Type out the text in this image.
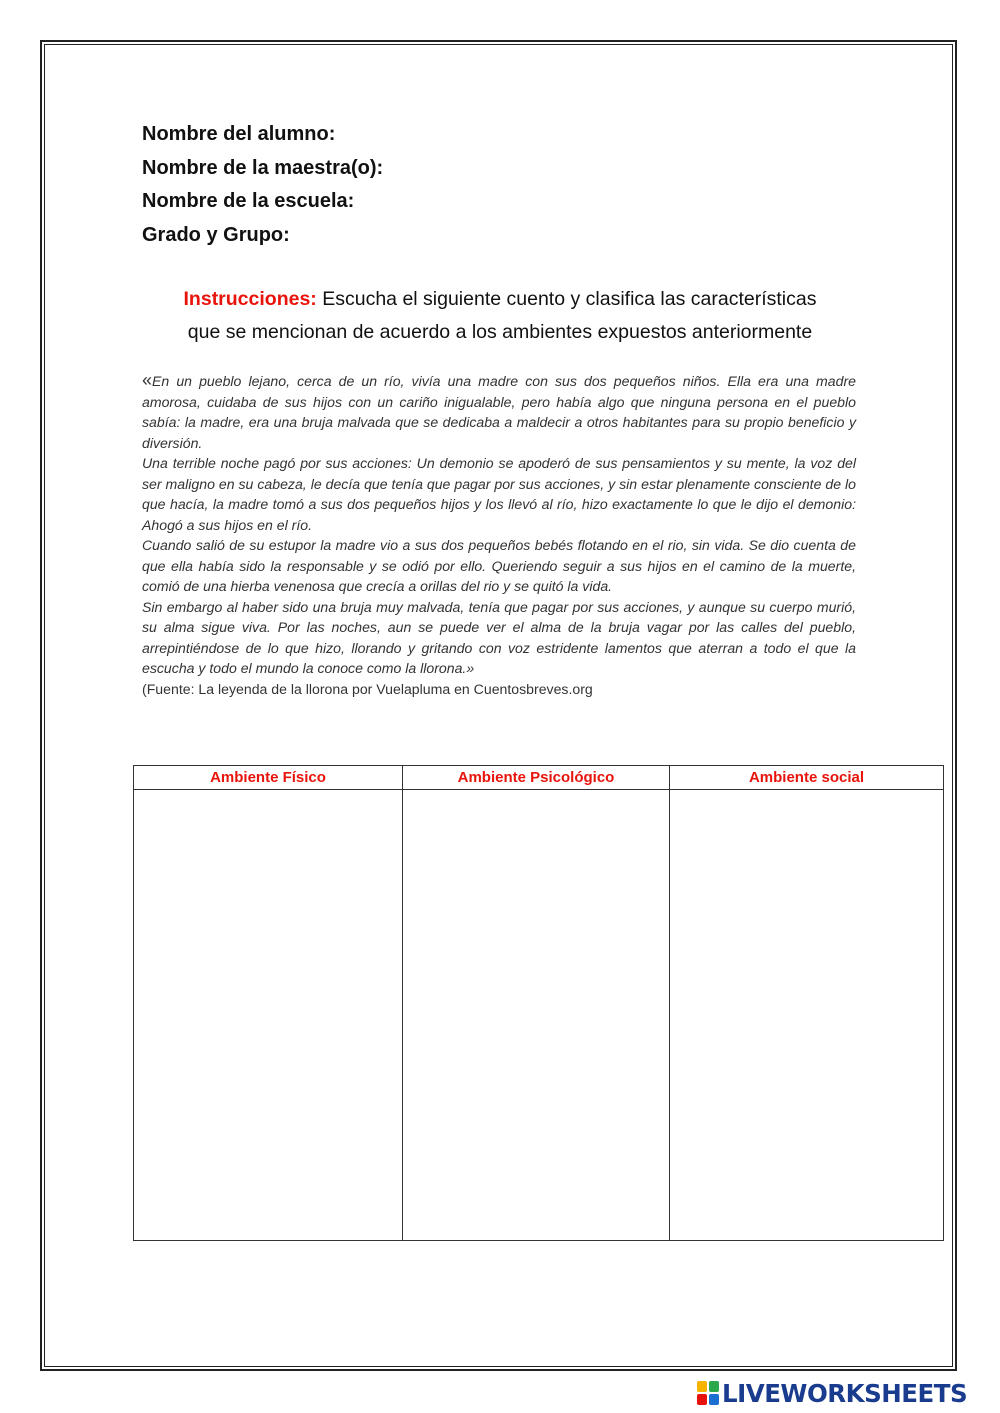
Nombre del alumno:
Nombre de la maestra(o):
Nombre de la escuela:
Grado y Grupo:
Instrucciones: Escucha el siguiente cuento y clasifica las características
que se mencionan de acuerdo a los ambientes expuestos anteriormente

«En un pueblo lejano, cerca de un río, vivía una madre con sus dos pequeños niños. Ella era una madre amorosa, cuidaba de sus hijos con un cariño inigualable, pero había algo que ninguna persona en el pueblo sabía: la madre, era una bruja malvada que se dedicaba a maldecir a otros habitantes para su propio beneficio y diversión.

Una terrible noche pagó por sus acciones: Un demonio se apoderó de sus pensamientos y su mente, la voz del ser maligno en su cabeza, le decía que tenía que pagar por sus acciones, y sin estar plenamente consciente de lo que hacía, la madre tomó a sus dos pequeños hijos y los llevó al río, hizo exactamente lo que le dijo el demonio: Ahogó a sus hijos en el río.

Cuando salió de su estupor la madre vio a sus dos pequeños bebés flotando en el rio, sin vida. Se dio cuenta de que ella había sido la responsable y se odió por ello. Queriendo seguir a sus hijos en el camino de la muerte, comió de una hierba venenosa que crecía a orillas del rio y se quitó la vida.

Sin embargo al haber sido una bruja muy malvada, tenía que pagar por sus acciones, y aunque su cuerpo murió, su alma sigue viva. Por las noches, aun se puede ver el alma de la bruja vagar por las calles del pueblo, arrepintiéndose de lo que hizo, llorando y gritando con voz estridente lamentos que aterran a todo el que la escucha y todo el mundo la conoce como la llorona.»

(Fuente: La leyenda de la llorona por Vuelapluma en Cuentosbreves.org

Ambiente Físico	Ambiente Psicológico	Ambiente social

LIVEWORKSHEETS
